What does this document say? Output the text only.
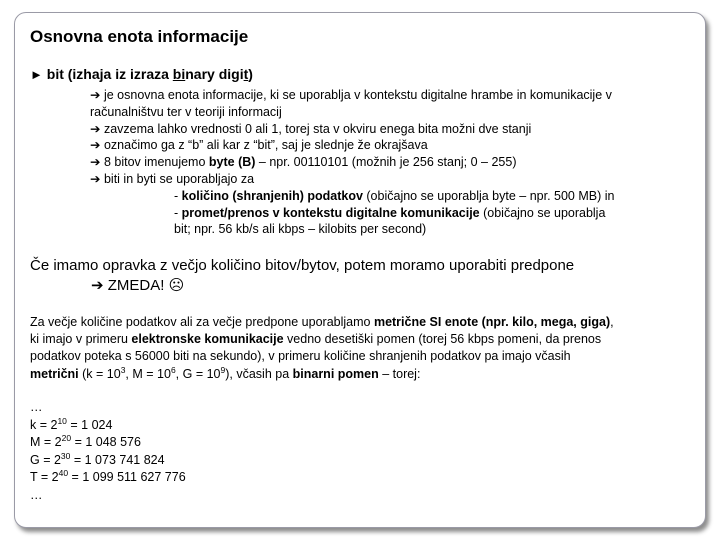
Osnovna enota informacije
► bit (izhaja iz izraza binary digit)
➔ je osnovna enota informacije, ki se uporablja v kontekstu digitalne hrambe in komunikacije v
računalništvu ter v teoriji informacij
➔ zavzema lahko vrednosti 0 ali 1, torej sta v okviru enega bita možni dve stanji
➔ označimo ga z “b” ali kar z “bit”, saj je slednje že okrajšava
➔ 8 bitov imenujemo byte (B) – npr. 00110101 (možnih je 256 stanj; 0 – 255)
➔ biti in byti se uporabljajo za
- količino (shranjenih) podatkov (običajno se uporablja byte – npr. 500 MB) in
- promet/prenos v kontekstu digitalne komunikacije (običajno se uporablja
bit; npr. 56 kb/s ali kbps – kilobits per second)
Če imamo opravka z večjo količino bitov/bytov, potem moramo uporabiti predpone
➔ ZMEDA! ☹
Za večje količine podatkov ali za večje predpone uporabljamo metrične SI enote (npr. kilo, mega, giga),
ki imajo v primeru elektronske komunikacije vedno desetiški pomen (torej 56 kbps pomeni, da prenos
podatkov poteka s 56000 biti na sekundo), v primeru količine shranjenih podatkov pa imajo včasih
metrični ($k = 10^3$, $M = 10^6$, $G = 10^9$), včasih pa binarni pomen – torej:
…
$k = 2^{10} = 1$ 024
$M = 2^{20} = 1$ 048 576
$G = 2^{30} = 1$ 073 741 824
$T = 2^{40} = 1$ 099 511 627 776
…
